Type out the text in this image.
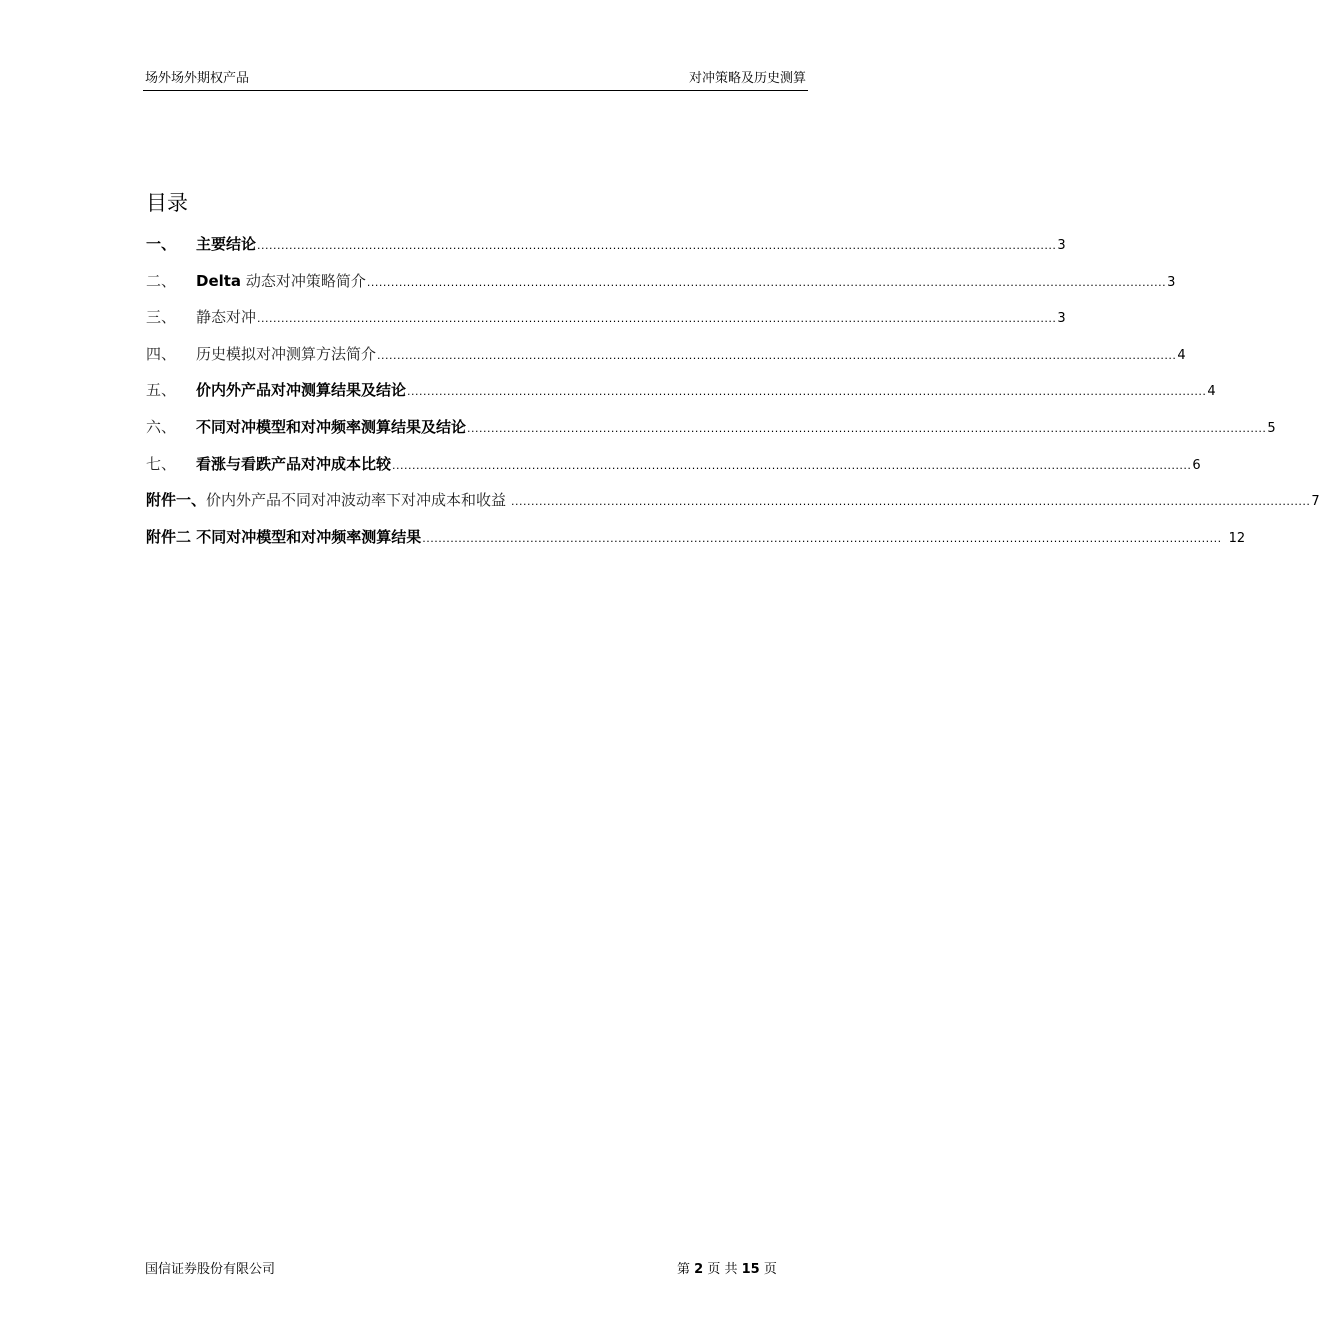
场外场外期权产品	对冲策略及历史测算
目录
一、	主要结论 ........................................................................................................................................................................................................ 3
二、	Delta 动态对冲策略简介 ........................................................................................................................................................................................................ 3
三、	静态对冲 ........................................................................................................................................................................................................ 3
四、	历史模拟对冲测算方法简介 ........................................................................................................................................................................................................ 4
五、	价内外产品对冲测算结果及结论 ........................................................................................................................................................................................................ 4
六、	不同对冲模型和对冲频率测算结果及结论 ........................................................................................................................................................................................................ 5
七、	看涨与看跌产品对冲成本比较 ........................................................................................................................................................................................................ 6
附件一、价内外产品不同对冲波动率下对冲成本和收益 ........................................................................................................................................................................................................ 7
附件二 不同对冲模型和对冲频率测算结果 ........................................................................................................................................................................................................ 12
国信证券股份有限公司	第 2 页 共 15 页
